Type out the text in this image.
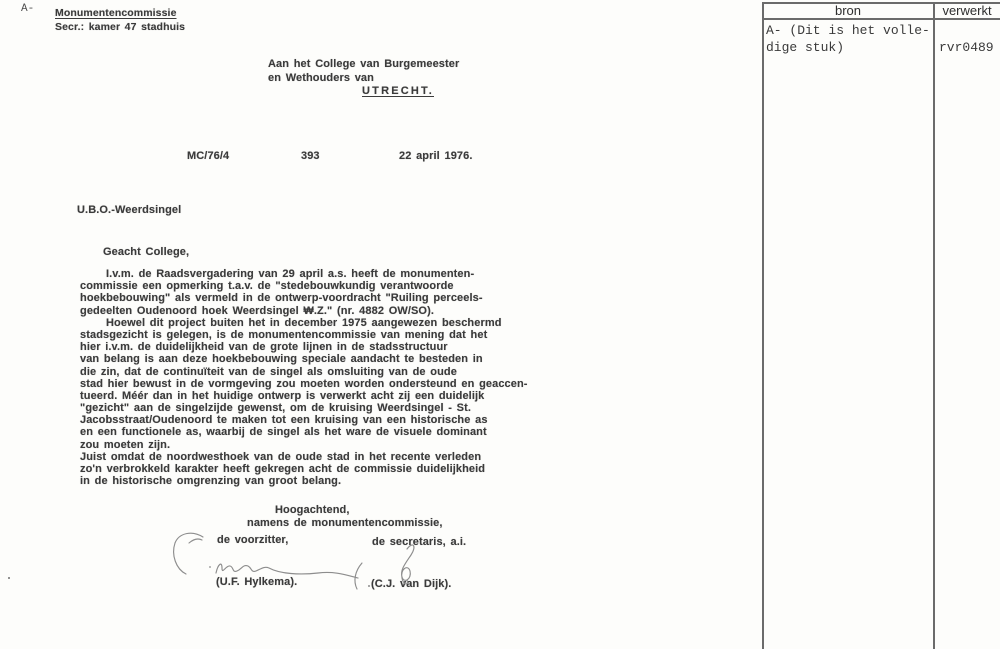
A- Monumentencommissie
Secr.: kamer 47 stadhuis
Aan het College van Burgemeester
en Wethouders van
UTRECHT.
MC/76/4	393	22 april 1976.
U.B.O.-Weerdsingel
Geacht College,
I.v.m. de Raadsvergadering van 29 april a.s. heeft de monumenten-
commissie een opmerking t.a.v. de "stedebouwkundig verantwoorde
hoekbebouwing" als vermeld in de ontwerp-voordracht "Ruiling perceels-
gedeelten Oudenoord hoek Weerdsingel ₩.Z." (nr. 4882 OW/SO).
Hoewel dit project buiten het in december 1975 aangewezen beschermd
stadsgezicht is gelegen, is de monumentencommissie van mening dat het
hier i.v.m. de duidelijkheid van de grote lijnen in de stadsstructuur
van belang is aan deze hoekbebouwing speciale aandacht te besteden in
die zin, dat de continuïteit van de singel als omsluiting van de oude
stad hier bewust in de vormgeving zou moeten worden ondersteund en geaccen-
tueerd. Méér dan in het huidige ontwerp is verwerkt acht zij een duidelijk
"gezicht" aan de singelzijde gewenst, om de kruising Weerdsingel - St.
Jacobsstraat/Oudenoord te maken tot een kruising van een historische as
en een functionele as, waarbij de singel als het ware de visuele dominant
zou moeten zijn.
Juist omdat de noordwesthoek van de oude stad in het recente verleden
zo'n verbrokkeld karakter heeft gekregen acht de commissie duidelijkheid
in de historische omgrenzing van groot belang.
Hoogachtend,
namens de monumentencommissie,
de voorzitter,	de secretaris, a.i.
(U.F. Hylkema).	(C.J. van Dijk).
bron	verwerkt
A- (Dit is het volle-
dige stuk)	rvr0489
